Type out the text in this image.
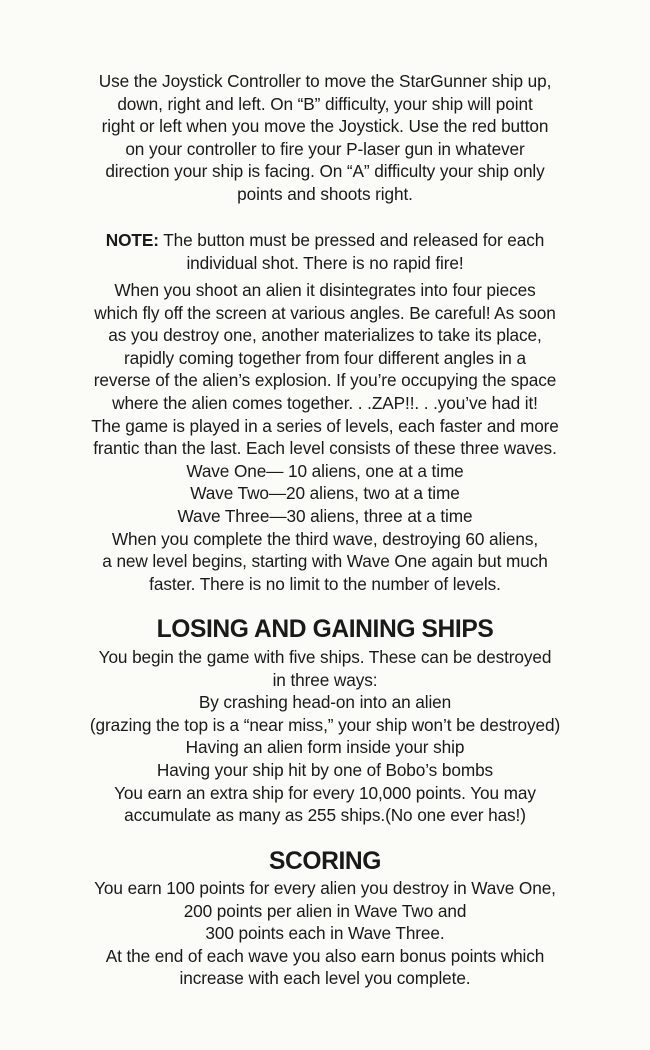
Use the Joystick Controller to move the StarGunner ship up,
down, right and left. On “B” difficulty, your ship will point
right or left when you move the Joystick. Use the red button
on your controller to fire your P-laser gun in whatever
direction your ship is facing. On “A” difficulty your ship only
points and shoots right.
NOTE: The button must be pressed and released for each
individual shot. There is no rapid fire!
When you shoot an alien it disintegrates into four pieces
which fly off the screen at various angles. Be careful! As soon
as you destroy one, another materializes to take its place,
rapidly coming together from four different angles in a
reverse of the alien’s explosion. If you’re occupying the space
where the alien comes together. . .ZAP!!. . .you’ve had it!
The game is played in a series of levels, each faster and more
frantic than the last. Each level consists of these three waves.
Wave One— 10 aliens, one at a time
Wave Two—20 aliens, two at a time
Wave Three—30 aliens, three at a time
When you complete the third wave, destroying 60 aliens,
a new level begins, starting with Wave One again but much
faster. There is no limit to the number of levels.
LOSING AND GAINING SHIPS
You begin the game with five ships. These can be destroyed
in three ways:
By crashing head-on into an alien
(grazing the top is a “near miss,” your ship won’t be destroyed)
Having an alien form inside your ship
Having your ship hit by one of Bobo’s bombs
You earn an extra ship for every 10,000 points. You may
accumulate as many as 255 ships.(No one ever has!)
SCORING
You earn 100 points for every alien you destroy in Wave One,
200 points per alien in Wave Two and
300 points each in Wave Three.
At the end of each wave you also earn bonus points which
increase with each level you complete.
